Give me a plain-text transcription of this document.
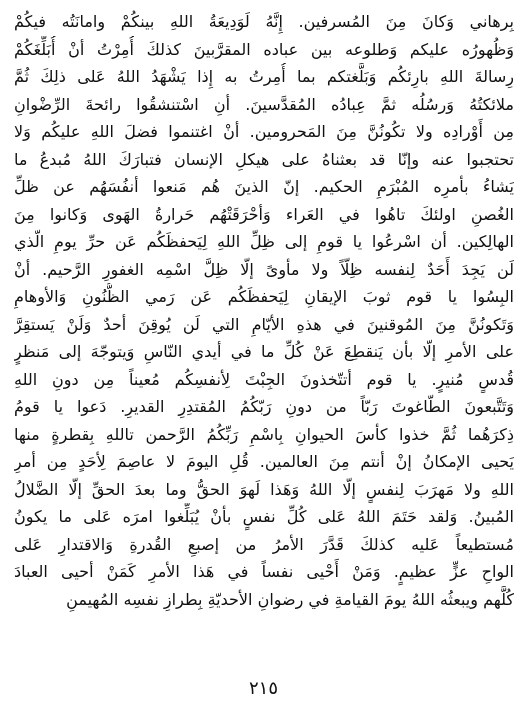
بِرهاني وَكانَ مِنَ المُسرفين. إِنَّهُ لَوَدِيعَةُ اللهِ بينكُمْ وامانَتُه فيكُمْ
وَظُهورُه عليكم وَطلوعه بين عباده المقرَّبينَ كذلكَ أُمِرْتُ أنْ أُبَلِّغَكُمْ
رِسالةَ اللهِ بارِئكُم وَبَلَّغتكم بما أُمِرتُ به إِذا يَشْهَدُ اللهُ عَلى ذلِكَ ثُمَّ
ملائكتُهُ وَرسُلُه ثمَّ عِبادُه المُقدَّسينَ. أنِ اسْتنشقُوا رائحةَ الرِّضْوانِ
مِن أَوْرادِه ولا تكُونُنَّ مِنَ المَحرومين. أنْ اغتنموا فضلَ اللهِ عليكُم وَلا
تحتجبوا عنه وإنّا قد بعثناهُ على هيكلِ الإنسان فتبارَكَ اللهُ مُبدعُ ما
يَشاءُ بأمرِه المُبْرَمِ الحكيم. إنّ الذينَ هُم مَنعوا أنفُسَهُم عن ظلِّ
الغُصنِ اولئكَ تاهُوا في العَراء وَأحْرَقَتْهُم حَرارةُ الهَوى وَكانوا مِنَ
الهالِكين. أن اسْرعُوا يا قومِ إلى ظِلِّ اللهِ لِيَحفظَكُم عَن حرِّ يومِ الّذي
لَن يَجِدَ أَحَدٌ لِنفسه ظِلّاً ولا مأوىً إلّا ظِلَّ اسْمِه الغفورِ الرَّحيم. أنْ
البِسُوا يا قوم ثوبَ الإيقانِ لِيَحفظَكُم عَن رَمي الظُّنُونِ وَالأوهامِ
وَتَكونُنَّ مِنَ المُوقنينَ في هذهِ الأيّامِ التي لَن يُوقِنَ أحدٌ وَلَنْ يَستقِرَّ
على الأمرِ إلّا بأن يَنقطِعَ عَنْ كُلِّ ما في أيدي النّاسِ وَيتوجّهَ إلى مَنظرٍ
قُدسٍ مُنيرٍ. يا قوم أتتّخذونَ الجِبْتَ لِأنفسِكُم مُعيناً مِن دونِ اللهِ
وَتَتَّبعونَ الطّاغوتَ رَبّاً من دونِ رَبّكُمُ المُقتدِرِ القديرِ. دَعوا يا قومُ
ذِكرَهُما ثُمَّ خذوا كأسَ الحيوانِ بِاسْمِ رَبِّكُمُ الرَّحمن تاللهِ بِقطرةٍ منها
يَحيى الإمكانُ إنْ أنتم مِنَ العالمين. قُلِ اليومَ لا عاصِمَ لِأحَدٍ مِن أمرِ
اللهِ ولا مَهرَبَ لِنفسٍ إلّا اللهُ وَهَذا لَهوَ الحقُّ وما بعدَ الحقِّ إلّا الضَّلالُ
المُبينُ. وَلقد حَتَمَ اللهُ عَلى كُلِّ نفسٍ بأنْ يُبَلِّغوا امرَه عَلى ما يكونُ
مُستطيعاً عَليه كذلكَ قَدَّرَ الأمرُ من إصبعِ القُدرةِ وَالاقتدارِ عَلى
الواحِ عزٍّ عظيمٍ. وَمَنْ أَحْيى نفساً في هَذا الأمرِ كَمَنْ أحيى العبادَ
كُلَّهم ويبعثُه اللهُ يومَ القيامةِ في رضوانِ الأحديّةِ بِطرازِ نفسِه المُهيمنِ
٢١٥
